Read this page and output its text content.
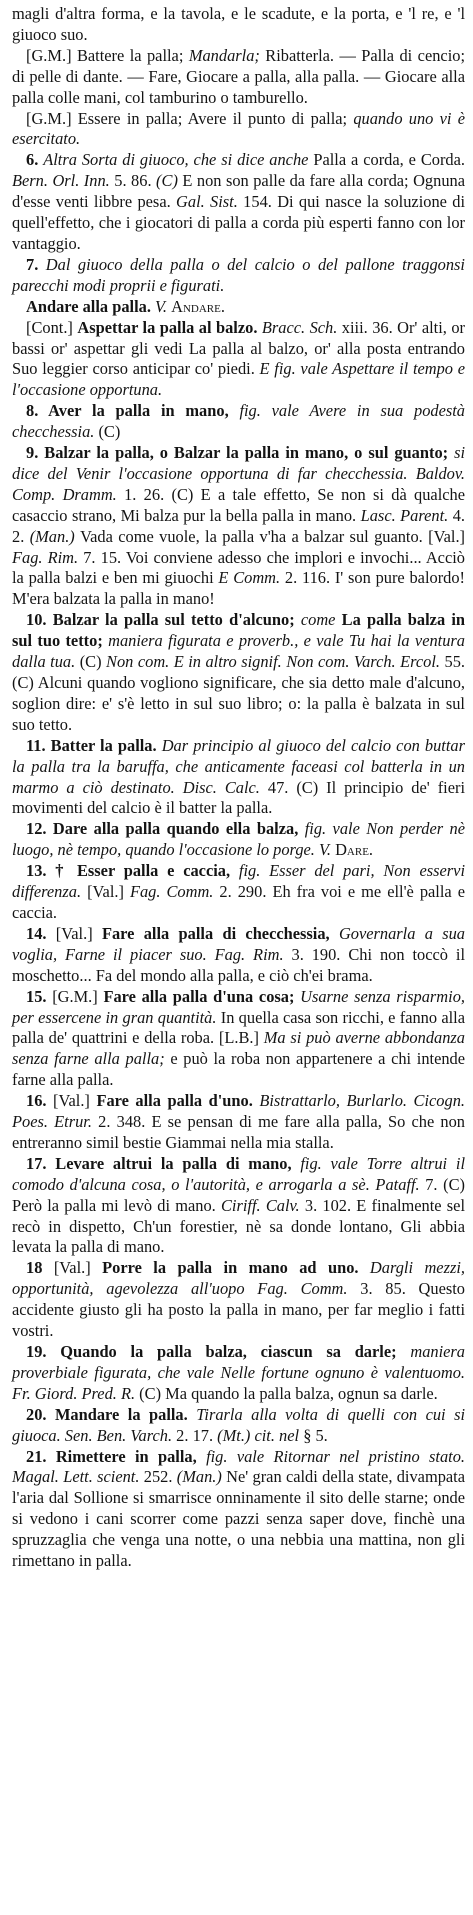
magli d'altra forma, e la tavola, e le scadute, e la porta, e 'l re, e 'l giuoco suo.

[G.M.] Battere la palla; Mandarla; Ribatterla. — Palla di cencio; di pelle di dante. — Fare, Giocare a palla, alla palla. — Giocare alla palla colle mani, col tamburino o tamburello.

[G.M.] Essere in palla; Avere il punto di palla; quando uno vi è esercitato.

6. Altra Sorta di giuoco, che si dice anche Palla a corda, e Corda. Bern. Orl. Inn. 5. 86. (C) E non son palle da fare alla corda; Ognuna d'esse venti libbre pesa. Gal. Sist. 154. Di qui nasce la soluzione di quell'effetto, che i giocatori di palla a corda più esperti fanno con lor vantaggio.

7. Dal giuoco della palla o del calcio o del pallone traggonsi parecchi modi proprii e figurati.

Andare alla palla. V. Andare.

[Cont.] Aspettar la palla al balzo. Bracc. Sch. xiii. 36. Or' alti, or bassi or' aspettar gli vedi La palla al balzo, or' alla posta entrando Suo leggier corso anticipar co' piedi. E fig. vale Aspettare il tempo e l'occasione opportuna.

8. Aver la palla in mano, fig. vale Avere in sua podestà checchessia. (C)

9. Balzar la palla, o Balzar la palla in mano, o sul guanto; si dice del Venir l'occasione opportuna di far checchessia. Baldov. Comp. Dramm. 1. 26. (C) E a tale effetto, Se non si dà qualche casaccio strano, Mi balza pur la bella palla in mano. Lasc. Parent. 4. 2. (Man.) Vada come vuole, la palla v'ha a balzar sul guanto. [Val.] Fag. Rim. 7. 15. Voi conviene adesso che implori e invochi... Acciò la palla balzi e ben mi giuochi E Comm. 2. 116. I' son pure balordo! M'era balzata la palla in mano!

10. Balzar la palla sul tetto d'alcuno; come La palla balza in sul tuo tetto; maniera figurata e proverb., e vale Tu hai la ventura dalla tua. (C) Non com. E in altro signif. Non com. Varch. Ercol. 55. (C) Alcuni quando vogliono significare, che sia detto male d'alcuno, soglion dire: e' s'è letto in sul suo libro; o: la palla è balzata in sul suo tetto.

11. Batter la palla. Dar principio al giuoco del calcio con buttar la palla tra la baruffa, che anticamente faceasi col batterla in un marmo a ciò destinato. Disc. Calc. 47. (C) Il principio de' fieri movimenti del calcio è il batter la palla.

12. Dare alla palla quando ella balza, fig. vale Non perder nè luogo, nè tempo, quando l'occasione lo porge. V. Dare.

13. † Esser palla e caccia, fig. Esser del pari, Non esservi differenza. [Val.] Fag. Comm. 2. 290. Eh fra voi e me ell'è palla e caccia.

14. [Val.] Fare alla palla di checchessia, Governarla a sua voglia, Farne il piacer suo. Fag. Rim. 3. 190. Chi non toccò il moschetto... Fa del mondo alla palla, e ciò ch'ei brama.

15. [G.M.] Fare alla palla d'una cosa; Usarne senza risparmio, per essercene in gran quantità. In quella casa son ricchi, e fanno alla palla de' quattrini e della roba. [L.B.] Ma si può averne abbondanza senza farne alla palla; e può la roba non appartenere a chi intende farne alla palla.

16. [Val.] Fare alla palla d'uno. Bistrattarlo, Burlarlo. Cicogn. Poes. Etrur. 2. 348. E se pensan di me fare alla palla, So che non entreranno simil bestie Giammai nella mia stalla.

17. Levare altrui la palla di mano, fig. vale Torre altrui il comodo d'alcuna cosa, o l'autorità, e arrogarla a sè. Pataff. 7. (C) Però la palla mi levò di mano. Ciriff. Calv. 3. 102. E finalmente sel recò in dispetto, Ch'un forestier, nè sa donde lontano, Gli abbia levata la palla di mano.

18 [Val.] Porre la palla in mano ad uno. Dargli mezzi, opportunità, agevolezza all'uopo Fag. Comm. 3. 85. Questo accidente giusto gli ha posto la palla in mano, per far meglio i fatti vostri.

19. Quando la palla balza, ciascun sa darle; maniera proverbiale figurata, che vale Nelle fortune ognuno è valentuomo. Fr. Giord. Pred. R. (C) Ma quando la palla balza, ognun sa darle.

20. Mandare la palla. Tirarla alla volta di quelli con cui si giuoca. Sen. Ben. Varch. 2. 17. (Mt.) cit. nel § 5.

21. Rimettere in palla, fig. vale Ritornar nel pristino stato. Magal. Lett. scient. 252. (Man.) Ne' gran caldi della state, divampata l'aria dal Sollione si smarrisce onninamente il sito delle starne; onde si vedono i cani scorrer come pazzi senza saper dove, finchè una spruzzaglia che venga una notte, o una nebbia una mattina, non gli rimettano in palla.
